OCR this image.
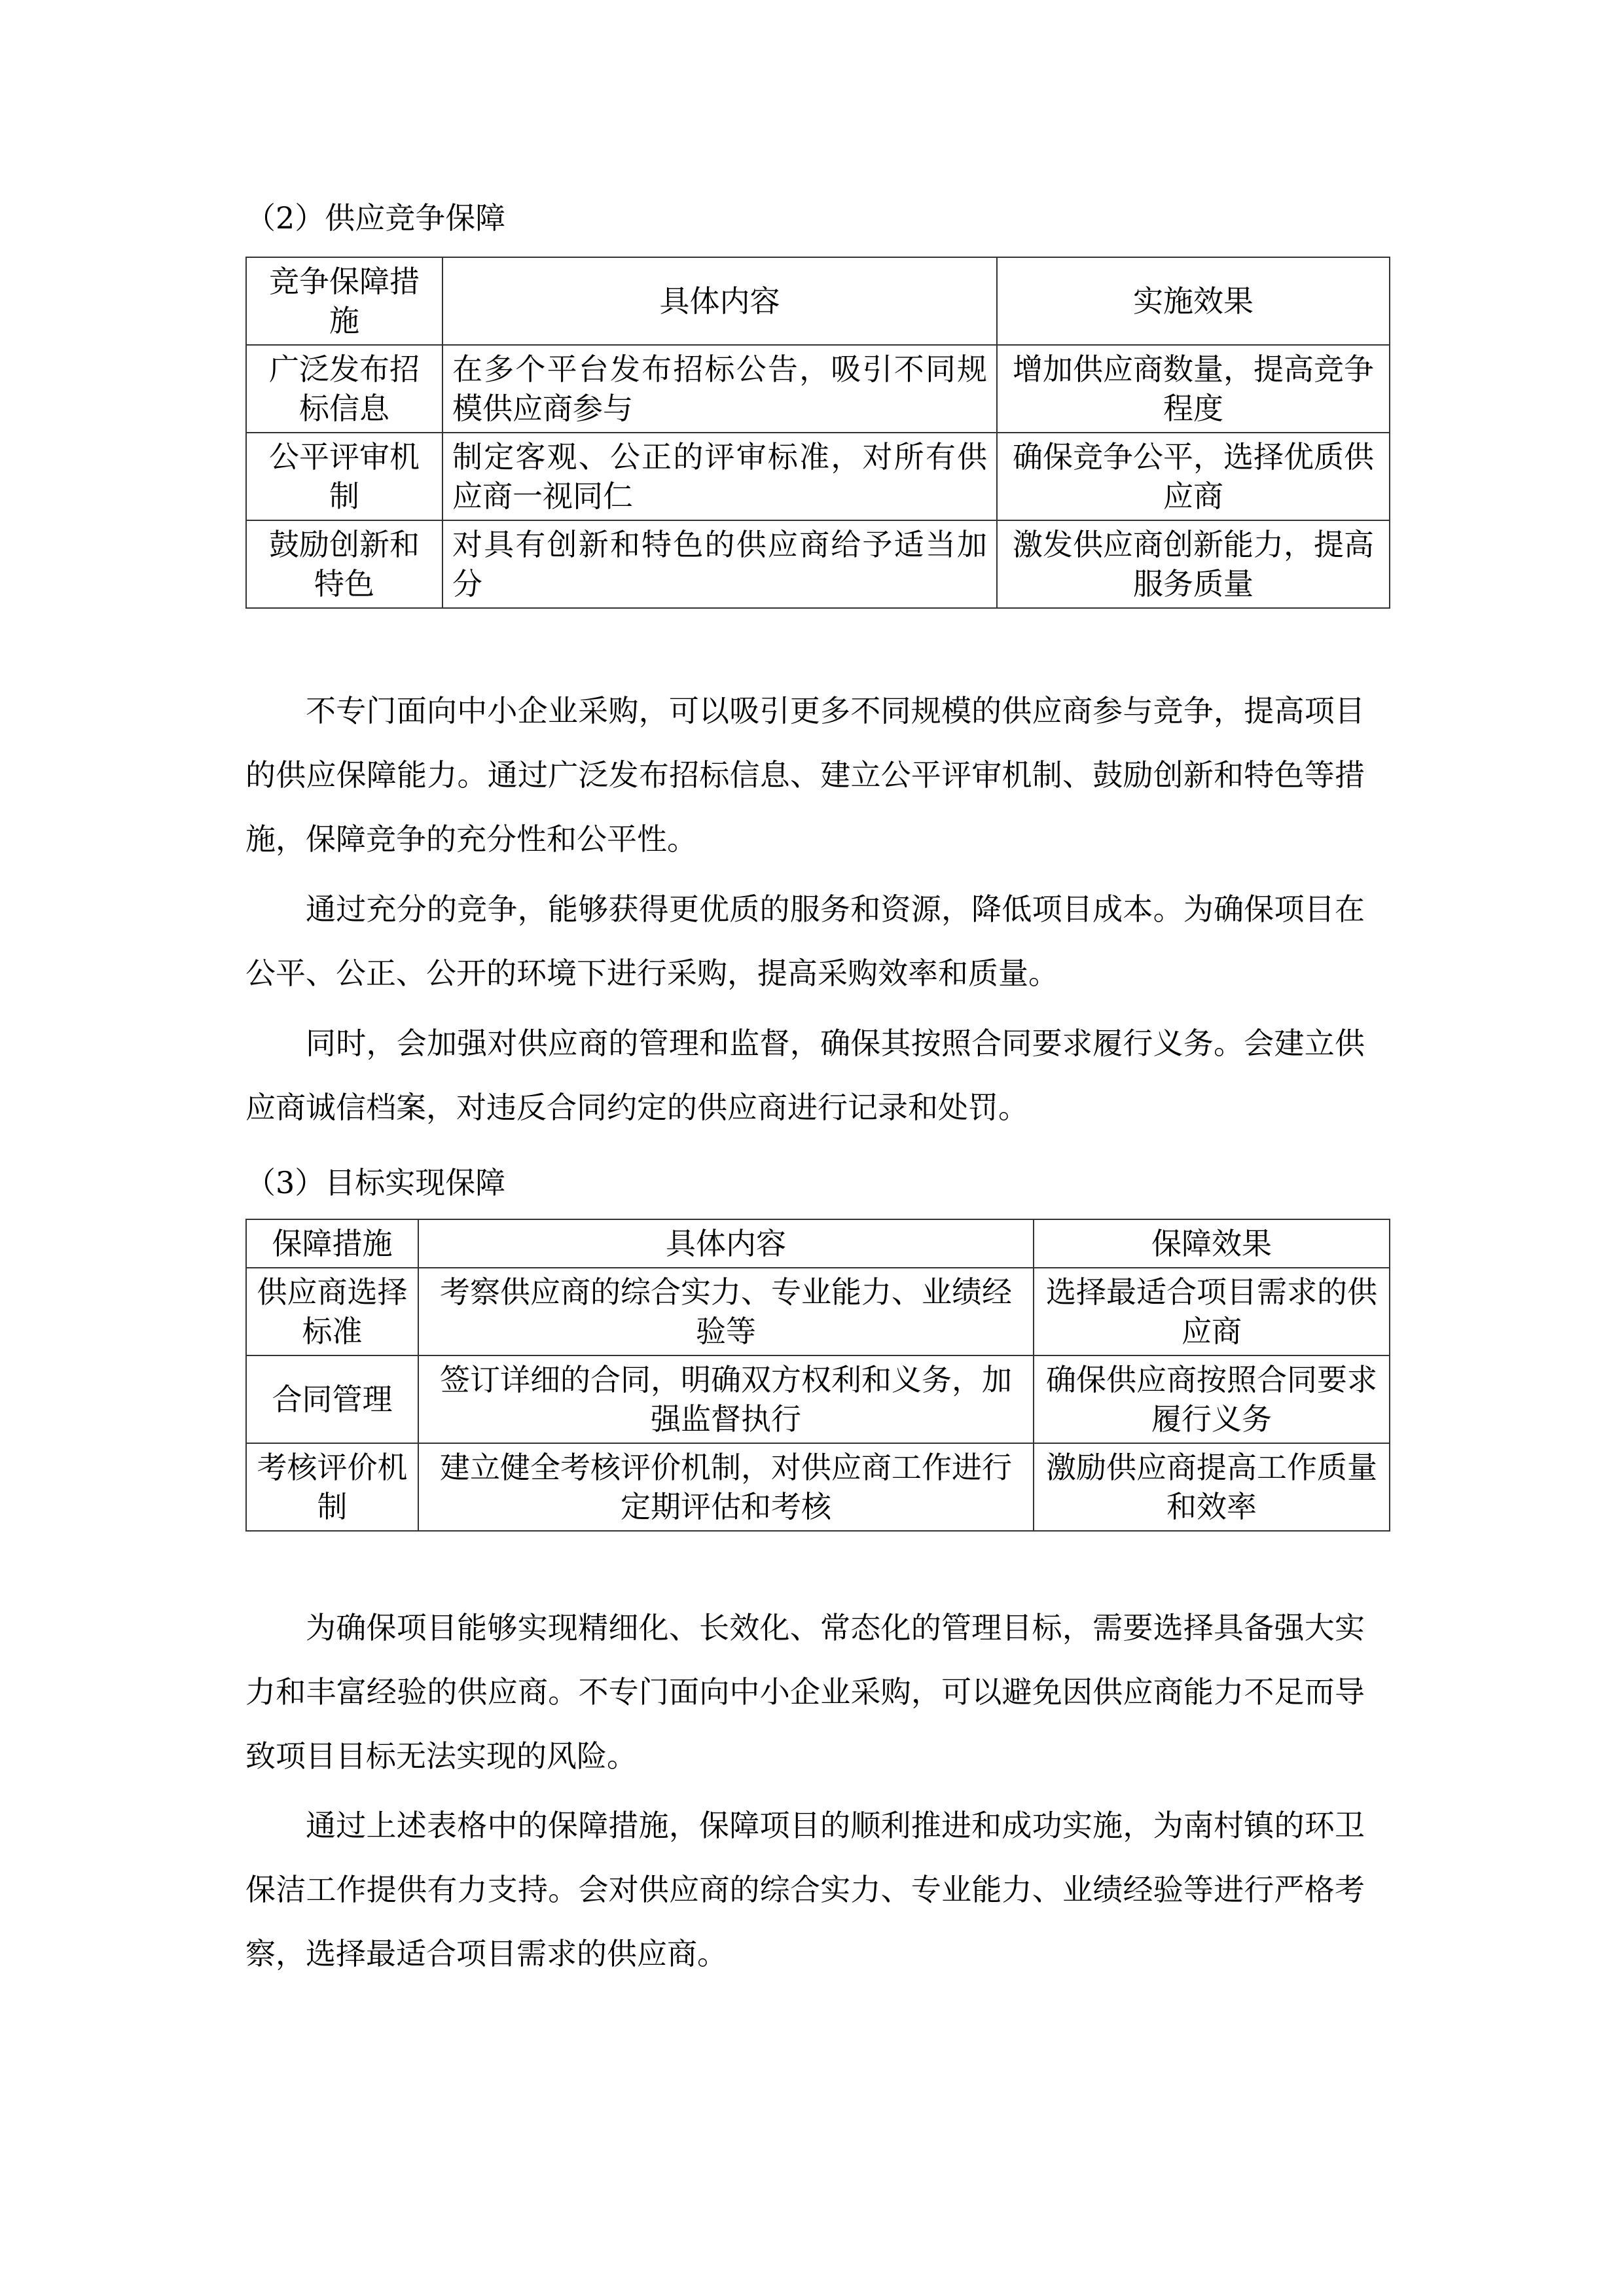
（2）供应竞争保障
竞争保障措施	具体内容	实施效果
广泛发布招标信息	在多个平台发布招标公告，吸引不同规模供应商参与	增加供应商数量，提高竞争程度
公平评审机制	制定客观、公正的评审标准，对所有供应商一视同仁	确保竞争公平，选择优质供应商
鼓励创新和特色	对具有创新和特色的供应商给予适当加分	激发供应商创新能力，提高服务质量

不专门面向中小企业采购，可以吸引更多不同规模的供应商参与竞争，提高项目的供应保障能力。通过广泛发布招标信息、建立公平评审机制、鼓励创新和特色等措施，保障竞争的充分性和公平性。

通过充分的竞争，能够获得更优质的服务和资源，降低项目成本。为确保项目在公平、公正、公开的环境下进行采购，提高采购效率和质量。

同时，会加强对供应商的管理和监督，确保其按照合同要求履行义务。会建立供应商诚信档案，对违反合同约定的供应商进行记录和处罚。

（3）目标实现保障
保障措施	具体内容	保障效果
供应商选择标准	考察供应商的综合实力、专业能力、业绩经验等	选择最适合项目需求的供应商
合同管理	签订详细的合同，明确双方权利和义务，加强监督执行	确保供应商按照合同要求履行义务
考核评价机制	建立健全考核评价机制，对供应商工作进行定期评估和考核	激励供应商提高工作质量和效率

为确保项目能够实现精细化、长效化、常态化的管理目标，需要选择具备强大实力和丰富经验的供应商。不专门面向中小企业采购，可以避免因供应商能力不足而导致项目目标无法实现的风险。

通过上述表格中的保障措施，保障项目的顺利推进和成功实施，为南村镇的环卫保洁工作提供有力支持。会对供应商的综合实力、专业能力、业绩经验等进行严格考察，选择最适合项目需求的供应商。
